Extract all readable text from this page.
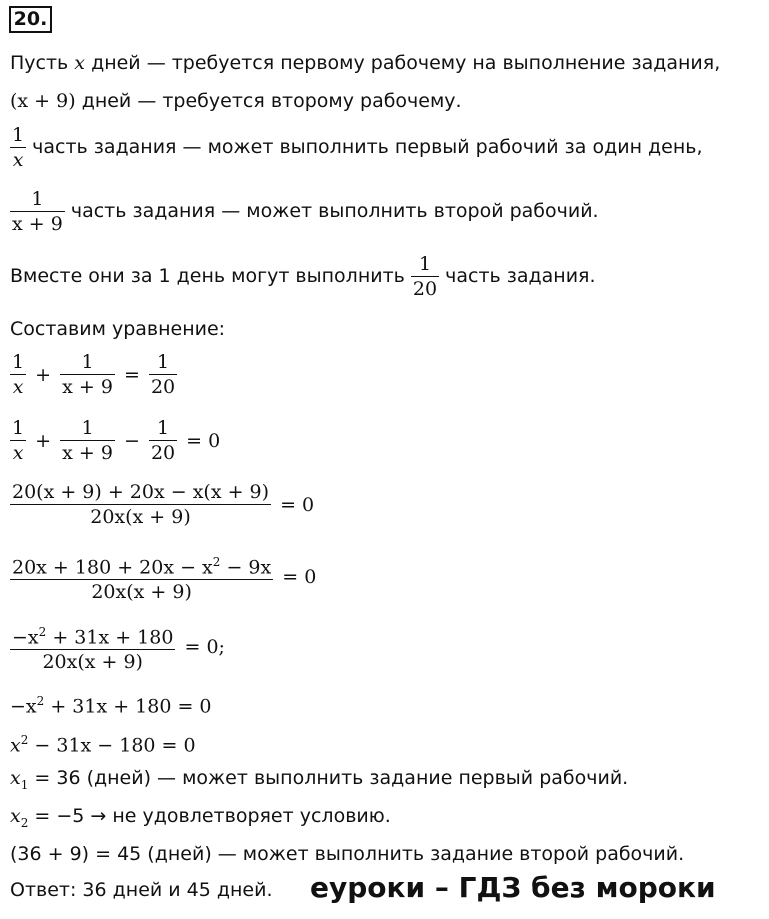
20.
Пусть x дней — требуется первому рабочему на выполнение задания,
(x + 9) дней — требуется второму рабочему.
$\frac{1}{x}$ часть задания — может выполнить первый рабочий за один день,
$\frac{1}{x + 9}$ часть задания — может выполнить второй рабочий.
Вместе они за 1 день могут выполнить $\frac{1}{20}$ часть задания.
Составим уравнение:
$\frac{1}{x} + \frac{1}{x + 9} = \frac{1}{20}$
$\frac{1}{x} + \frac{1}{x + 9} - \frac{1}{20} = 0$
$\frac{20(x + 9) + 20x - x(x + 9)}{20x(x + 9)} = 0$
$\frac{20x + 180 + 20x - x^2 - 9x}{20x(x + 9)} = 0$
$\frac{-x^2 + 31x + 180}{20x(x + 9)} = 0$;
$-x^2 + 31x + 180 = 0$
$x^2 - 31x - 180 = 0$
$x_1 = 36$ (дней) — может выполнить задание первый рабочий.
$x_2 = -5$ → не удовлетворяет условию.
(36 + 9) = 45 (дней) — может выполнить задание второй рабочий.
Ответ: 36 дней и 45 дней. еуроки – ГДЗ без мороки
